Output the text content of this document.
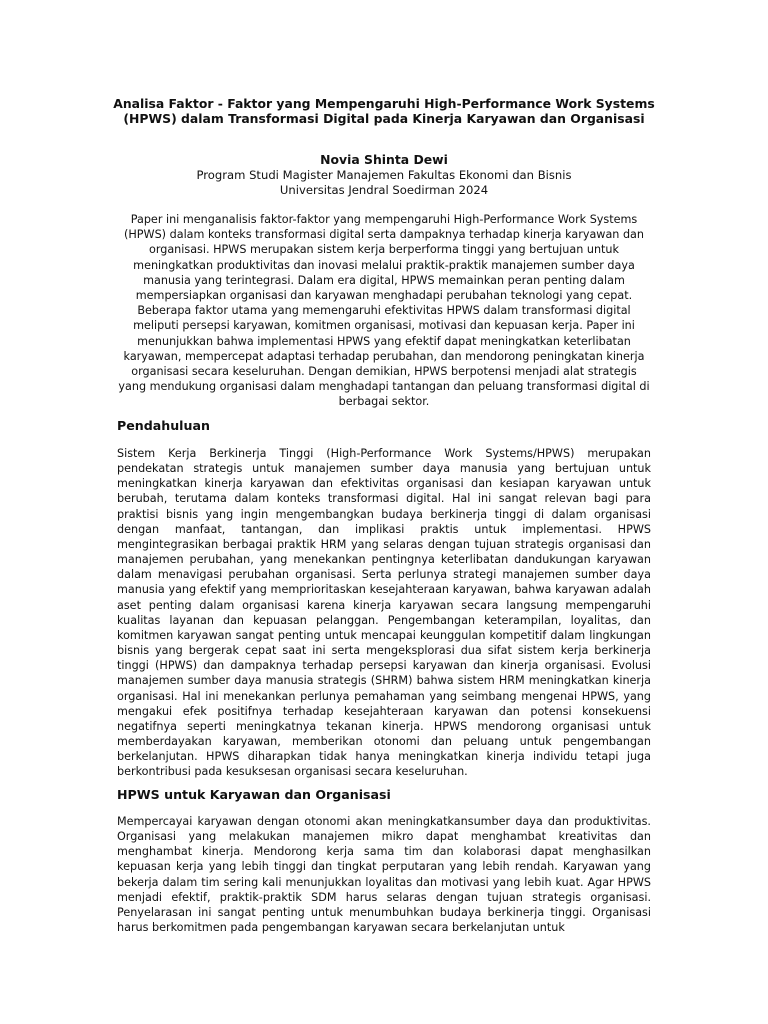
Analisa Faktor - Faktor yang Mempengaruhi High-Performance Work Systems (HPWS) dalam Transformasi Digital pada Kinerja Karyawan dan Organisasi

Novia Shinta Dewi

Program Studi Magister Manajemen Fakultas Ekonomi dan Bisnis
Universitas Jendral Soedirman 2024

Paper ini menganalisis faktor-faktor yang mempengaruhi High-Performance Work Systems (HPWS) dalam konteks transformasi digital serta dampaknya terhadap kinerja karyawan dan organisasi. HPWS merupakan sistem kerja berperforma tinggi yang bertujuan untuk meningkatkan produktivitas dan inovasi melalui praktik-praktik manajemen sumber daya manusia yang terintegrasi. Dalam era digital, HPWS memainkan peran penting dalam mempersiapkan organisasi dan karyawan menghadapi perubahan teknologi yang cepat. Beberapa faktor utama yang memengaruhi efektivitas HPWS dalam transformasi digital meliputi persepsi karyawan, komitmen organisasi, motivasi dan kepuasan kerja. Paper ini menunjukkan bahwa implementasi HPWS yang efektif dapat meningkatkan keterlibatan karyawan, mempercepat adaptasi terhadap perubahan, dan mendorong peningkatan kinerja organisasi secara keseluruhan. Dengan demikian, HPWS berpotensi menjadi alat strategis yang mendukung organisasi dalam menghadapi tantangan dan peluang transformasi digital di berbagai sektor.

Pendahuluan

Sistem Kerja Berkinerja Tinggi (High-Performance Work Systems/HPWS) merupakan pendekatan strategis untuk manajemen sumber daya manusia yang bertujuan untuk meningkatkan kinerja karyawan dan efektivitas organisasi dan kesiapan karyawan untuk berubah, terutama dalam konteks transformasi digital. Hal ini sangat relevan bagi para praktisi bisnis yang ingin mengembangkan budaya berkinerja tinggi di dalam organisasi dengan manfaat, tantangan, dan implikasi praktis untuk implementasi. HPWS mengintegrasikan berbagai praktik HRM yang selaras dengan tujuan strategis organisasi dan manajemen perubahan, yang menekankan pentingnya keterlibatan dandukungan karyawan dalam menavigasi perubahan organisasi. Serta perlunya strategi manajemen sumber daya manusia yang efektif yang memprioritaskan kesejahteraan karyawan, bahwa karyawan adalah aset penting dalam organisasi karena kinerja karyawan secara langsung mempengaruhi kualitas layanan dan kepuasan pelanggan. Pengembangan keterampilan, loyalitas, dan komitmen karyawan sangat penting untuk mencapai keunggulan kompetitif dalam lingkungan bisnis yang bergerak cepat saat ini serta mengeksplorasi dua sifat sistem kerja berkinerja tinggi (HPWS) dan dampaknya terhadap persepsi karyawan dan kinerja organisasi. Evolusi manajemen sumber daya manusia strategis (SHRM) bahwa sistem HRM meningkatkan kinerja organisasi. Hal ini menekankan perlunya pemahaman yang seimbang mengenai HPWS, yang mengakui efek positifnya terhadap kesejahteraan karyawan dan potensi konsekuensi negatifnya seperti meningkatnya tekanan kinerja. HPWS mendorong organisasi untuk memberdayakan karyawan, memberikan otonomi dan peluang untuk pengembangan berkelanjutan. HPWS diharapkan tidak hanya meningkatkan kinerja individu tetapi juga berkontribusi pada kesuksesan organisasi secara keseluruhan.

HPWS untuk Karyawan dan Organisasi

Mempercayai karyawan dengan otonomi akan meningkatkansumber daya dan produktivitas. Organisasi yang melakukan manajemen mikro dapat menghambat kreativitas dan menghambat kinerja. Mendorong kerja sama tim dan kolaborasi dapat menghasilkan kepuasan kerja yang lebih tinggi dan tingkat perputaran yang lebih rendah. Karyawan yang bekerja dalam tim sering kali menunjukkan loyalitas dan motivasi yang lebih kuat. Agar HPWS menjadi efektif, praktik-praktik SDM harus selaras dengan tujuan strategis organisasi. Penyelarasan ini sangat penting untuk menumbuhkan budaya berkinerja tinggi. Organisasi harus berkomitmen pada pengembangan karyawan secara berkelanjutan untuk
